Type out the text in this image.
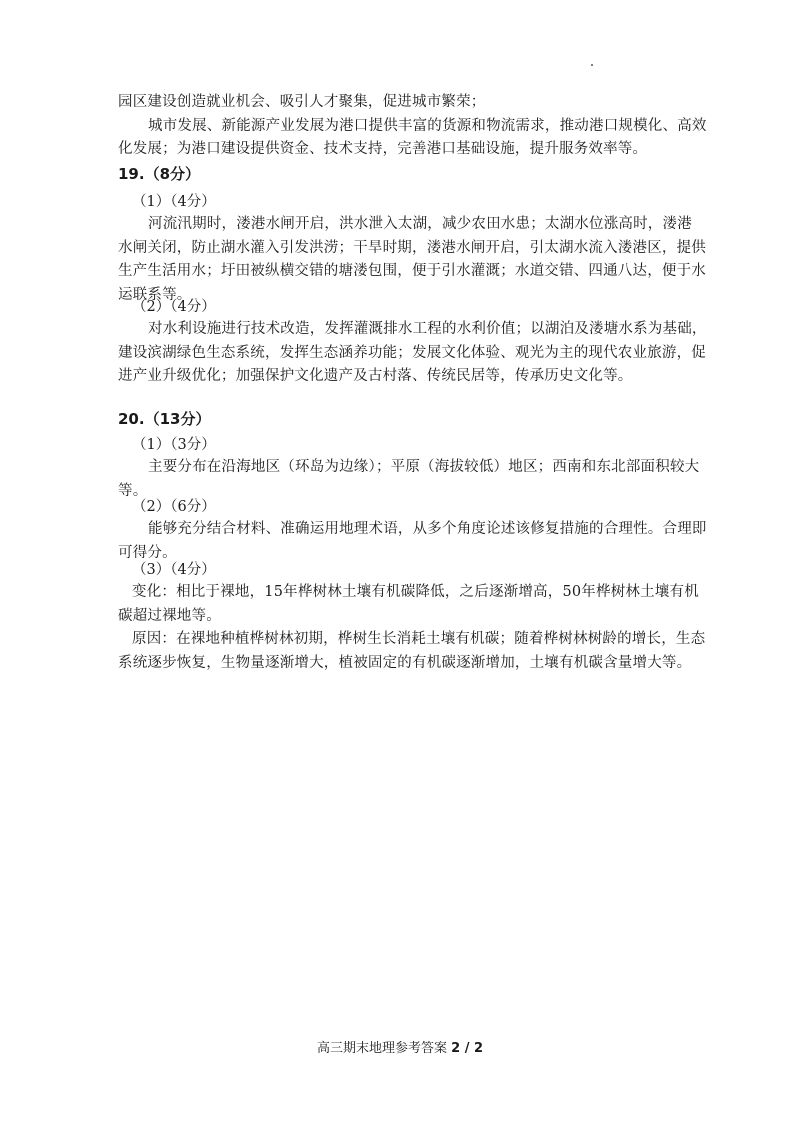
园区建设创造就业机会、吸引人才聚集，促进城市繁荣；
城市发展、新能源产业发展为港口提供丰富的货源和物流需求，推动港口规模化、高效
化发展；为港口建设提供资金、技术支持，完善港口基础设施，提升服务效率等。
19.（8分）
（1）（4分）
河流汛期时，溇港水闸开启，洪水泄入太湖，减少农田水患；太湖水位涨高时，溇港
水闸关闭，防止湖水灌入引发洪涝；干旱时期，溇港水闸开启，引太湖水流入溇港区，提供
生产生活用水；圩田被纵横交错的塘溇包围，便于引水灌溉；水道交错、四通八达，便于水
运联系等。
（2）（4分）
对水利设施进行技术改造，发挥灌溉排水工程的水利价值；以湖泊及溇塘水系为基础，
建设滨湖绿色生态系统，发挥生态涵养功能；发展文化体验、观光为主的现代农业旅游，促
进产业升级优化；加强保护文化遗产及古村落、传统民居等，传承历史文化等。
20.（13分）
（1）（3分）
主要分布在沿海地区（环岛为边缘）；平原（海拔较低）地区；西南和东北部面积较大
等。
（2）（6分）
能够充分结合材料、准确运用地理术语，从多个角度论述该修复措施的合理性。合理即
可得分。
（3）（4分）
变化：相比于裸地，15年桦树林土壤有机碳降低，之后逐渐增高，50年桦树林土壤有机
碳超过裸地等。
原因：在裸地种植桦树林初期，桦树生长消耗土壤有机碳；随着桦树林树龄的增长，生态
系统逐步恢复，生物量逐渐增大，植被固定的有机碳逐渐增加，土壤有机碳含量增大等。
高三期末地理参考答案 2 / 2
